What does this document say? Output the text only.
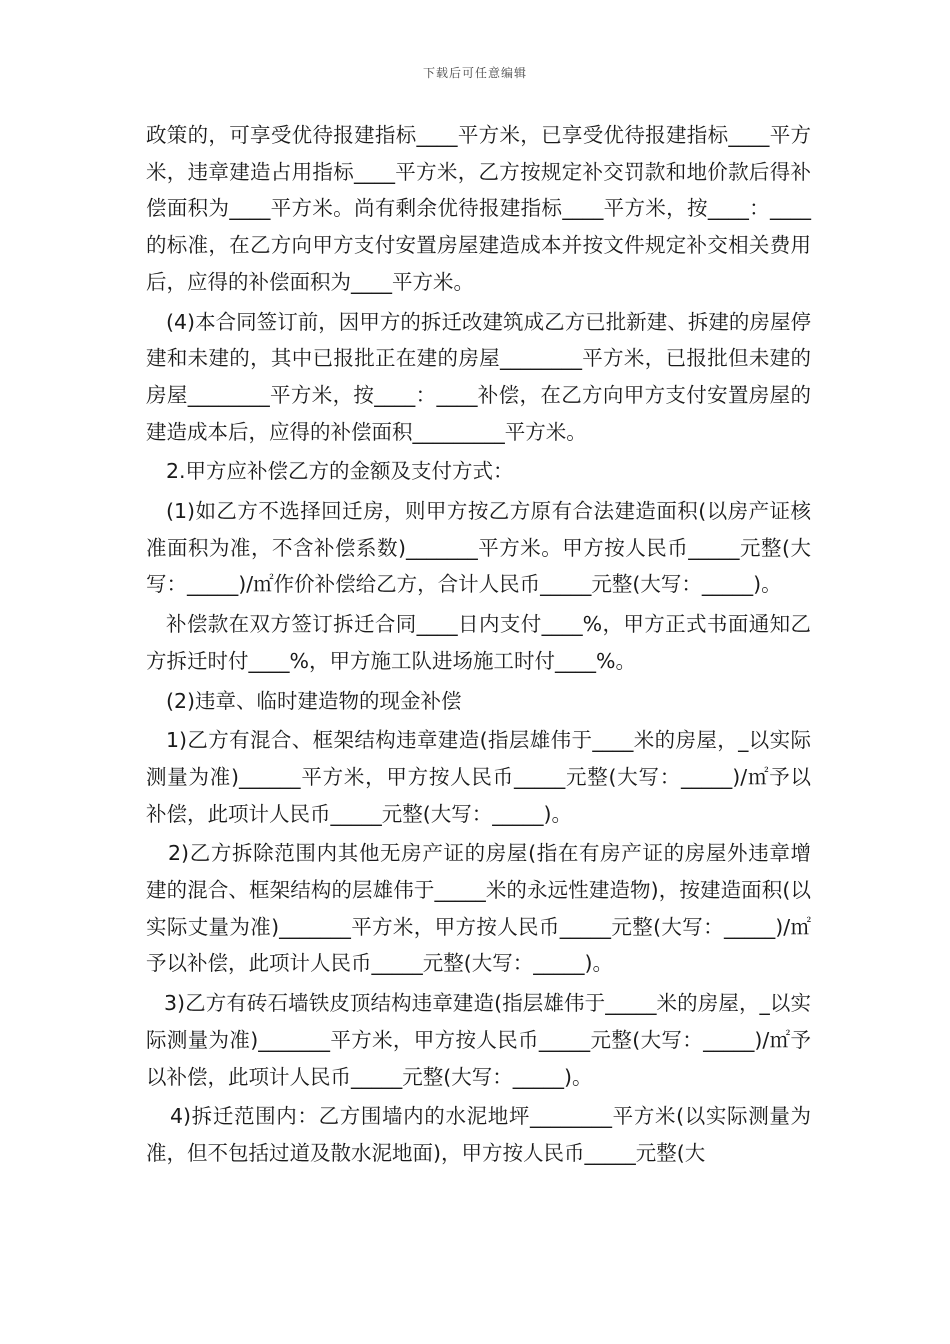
下载后可任意编辑

政策的，可享受优待报建指标____平方米，已享受优待报建指标____平方米，违章建造占用指标____平方米，乙方按规定补交罚款和地价款后得补偿面积为____平方米。尚有剩余优待报建指标____平方米，按____：____的标准，在乙方向甲方支付安置房屋建造成本并按文件规定补交相关费用后，应得的补偿面积为____平方米。

(4)本合同签订前，因甲方的拆迁改建筑成乙方已批新建、拆建的房屋停建和未建的，其中已报批正在建的房屋________平方米，已报批但未建的房屋________平方米，按____：____补偿，在乙方向甲方支付安置房屋的建造成本后，应得的补偿面积_________平方米。

2.甲方应补偿乙方的金额及支付方式：

(1)如乙方不选择回迁房，则甲方按乙方原有合法建造面积(以房产证核准面积为准，不含补偿系数)_______平方米。甲方按人民币_____元整(大写：_____)/㎡作价补偿给乙方，合计人民币_____元整(大写：_____)。

补偿款在双方签订拆迁合同____日内支付____%，甲方正式书面通知乙方拆迁时付____%，甲方施工队进场施工时付____%。

(2)违章、临时建造物的现金补偿

1)乙方有混合、框架结构违章建造(指层雄伟于____米的房屋，_以实际测量为准)______平方米，甲方按人民币_____元整(大写：_____)/㎡予以补偿，此项计人民币_____元整(大写：_____)。

2)乙方拆除范围内其他无房产证的房屋(指在有房产证的房屋外违章增建的混合、框架结构的层雄伟于_____米的永远性建造物)，按建造面积(以实际丈量为准)_______平方米，甲方按人民币_____元整(大写：_____)/㎡予以补偿，此项计人民币_____元整(大写：_____)。

3)乙方有砖石墙铁皮顶结构违章建造(指层雄伟于_____米的房屋，_以实际测量为准)_______平方米，甲方按人民币_____元整(大写：_____)/㎡予以补偿，此项计人民币_____元整(大写：_____)。

4)拆迁范围内：乙方围墙内的水泥地坪________平方米(以实际测量为准，但不包括过道及散水泥地面)，甲方按人民币_____元整(大
